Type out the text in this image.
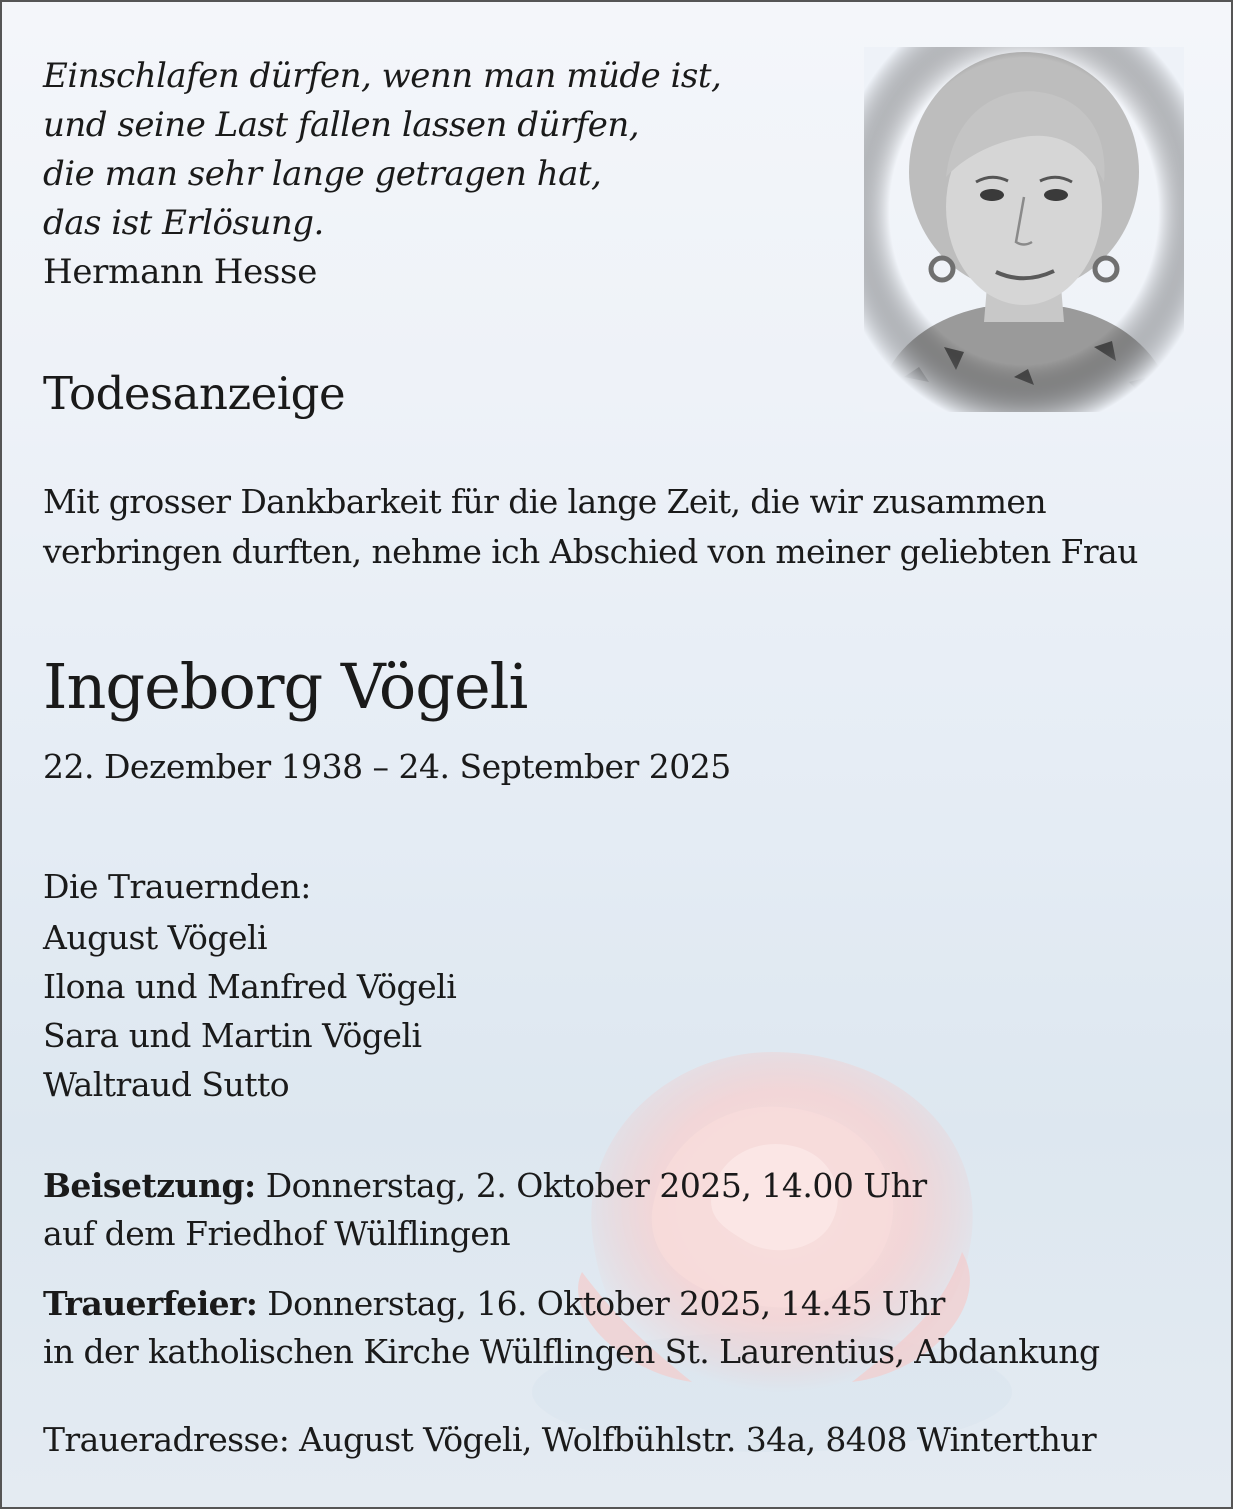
Einschlafen dürfen, wenn man müde ist,
und seine Last fallen lassen dürfen,
die man sehr lange getragen hat,
das ist Erlösung.
Hermann Hesse
Todesanzeige
Mit grosser Dankbarkeit für die lange Zeit, die wir zusammen
verbringen durften, nehme ich Abschied von meiner geliebten Frau
Ingeborg Vögeli
22. Dezember 1938 – 24. September 2025
Die Trauernden:
August Vögeli
Ilona und Manfred Vögeli
Sara und Martin Vögeli
Waltraud Sutto
Beisetzung: Donnerstag, 2. Oktober 2025, 14.00 Uhr
auf dem Friedhof Wülflingen
Trauerfeier: Donnerstag, 16. Oktober 2025, 14.45 Uhr
in der katholischen Kirche Wülflingen St. Laurentius, Abdankung
Traueradresse: August Vögeli, Wolfbühlstr. 34a, 8408 Winterthur
